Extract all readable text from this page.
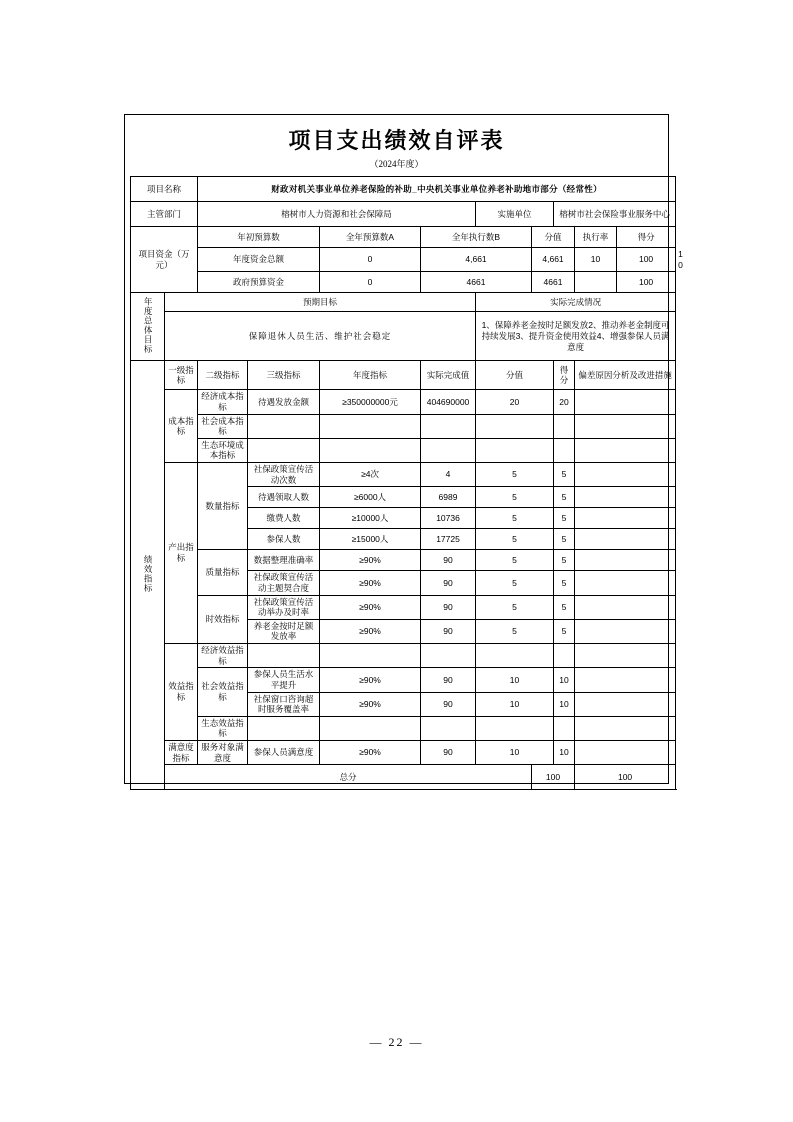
项目支出绩效自评表
（2024年度）
项目名称		财政对机关事业单位养老保险的补助_中央机关事业单位养老补助地市部分（经常性）									
主管部门		榕树市人力资源和社会保障局				实施单位		榕树市社会保险事业服务中心			
项目资金（万元）		年初预算数		全年预算数A	全年执行数B		分值		执行率	得分	
		年度资金总额		0	4,661		4,661		10	100	10
		政府预算资金		0	4661		4661			100	
年度总体目标	预期目标					实际完成情况					
	保障退休人员生活、维护社会稳定					1、保障养老金按时足额发放2、推动养老金制度可持续发展3、提升资金使用效益4、增强参保人员满意度					
绩效指标	一级指标	二级指标	三级指标	年度指标	实际完成值	分值		得分	偏差原因分析及改进措施		
	成本指标	经济成本指标	待遇发放金额	≥350000000元	404690000	20		20			
		社会成本指标									
		生态环境成本指标									
	产出指标	数量指标	社保政策宣传活动次数	≥4次	4	5		5			
			待遇领取人数	≥6000人	6989	5		5			
			缴费人数	≥10000人	10736	5		5			
			参保人数	≥15000人	17725	5		5			
		质量指标	数据整理准确率	≥90%	90	5		5			
			社保政策宣传活动主题契合度	≥90%	90	5		5			
		时效指标	社保政策宣传活动举办及时率	≥90%	90	5		5			
			养老金按时足额发放率	≥90%	90	5		5			
	效益指标	经济效益指标									
		社会效益指标	参保人员生活水平提升	≥90%	90	10		10			
			社保窗口咨询超时服务覆盖率	≥90%	90	10		10			
		生态效益指标									
	满意度指标	服务对象满意度	参保人员满意度	≥90%	90	10		10			
	总分						100		100		
— 22 —
